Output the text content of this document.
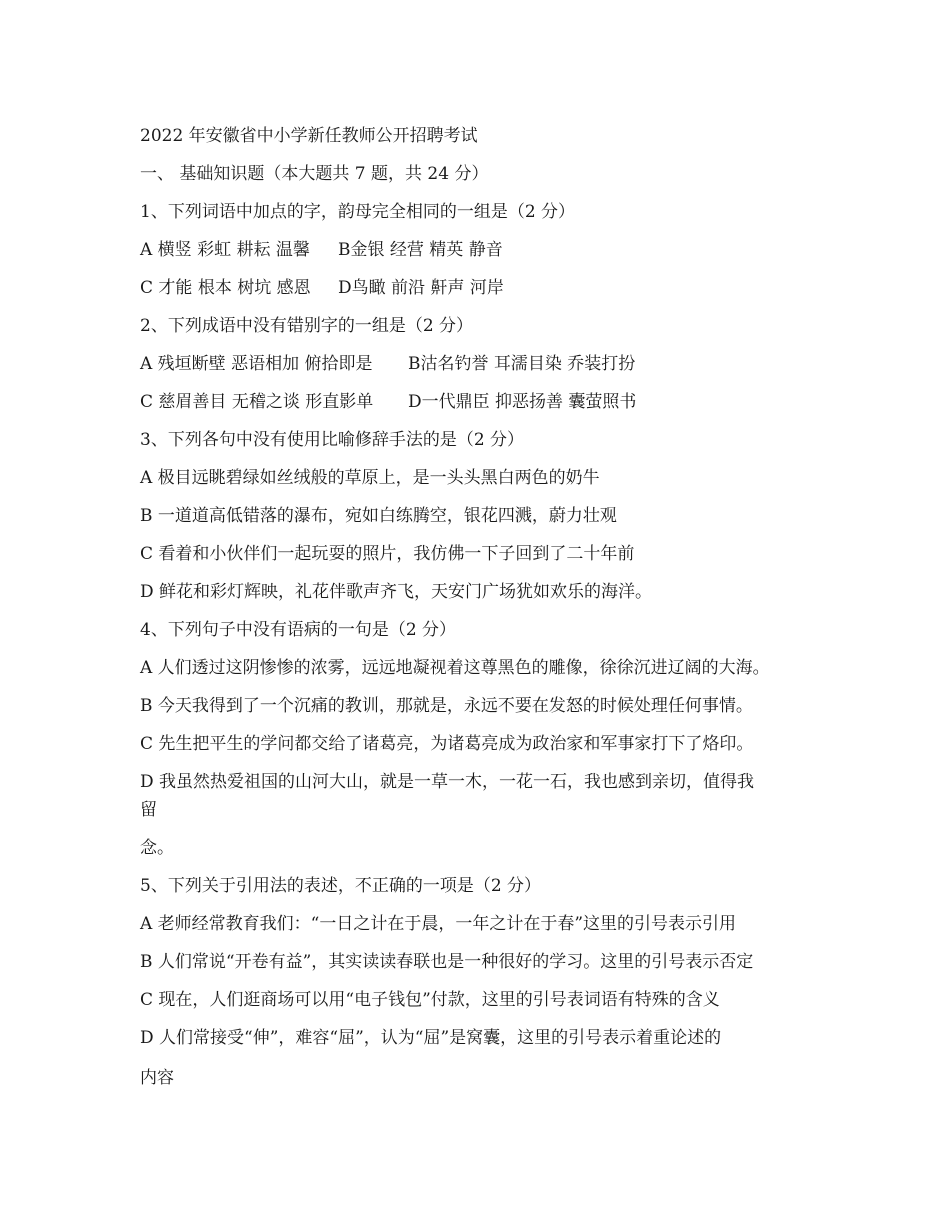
2022 年安徽省中小学新任教师公开招聘考试
一、 基础知识题（本大题共 7 题，共 24 分）
1、下列词语中加点的字，韵母完全相同的一组是（2 分）
A 横竖 彩虹 耕耘 温馨 B金银 经营 精英 静音
C 才能 根本 树坑 感恩 D鸟瞰 前沿 鼾声 河岸
2、下列成语中没有错别字的一组是（2 分）
A 残垣断壁 恶语相加 俯拾即是 B沽名钓誉 耳濡目染 乔装打扮
C 慈眉善目 无稽之谈 形直影单 D一代鼎臣 抑恶扬善 囊萤照书
3、下列各句中没有使用比喻修辞手法的是（2 分）
A 极目远眺碧绿如丝绒般的草原上，是一头头黑白两色的奶牛
B 一道道高低错落的瀑布，宛如白练腾空，银花四溅，蔚力壮观
C 看着和小伙伴们一起玩耍的照片，我仿佛一下子回到了二十年前
D 鲜花和彩灯辉映，礼花伴歌声齐飞，天安门广场犹如欢乐的海洋。
4、下列句子中没有语病的一句是（2 分）
A 人们透过这阴惨惨的浓雾，远远地凝视着这尊黑色的雕像，徐徐沉进辽阔的大海。
B 今天我得到了一个沉痛的教训，那就是，永远不要在发怒的时候处理任何事情。
C 先生把平生的学问都交给了诸葛亮，为诸葛亮成为政治家和军事家打下了烙印。
D 我虽然热爱祖国的山河大山，就是一草一木，一花一石，我也感到亲切，值得我
留
念。
5、下列关于引用法的表述，不正确的一项是（2 分）
A 老师经常教育我们：“一日之计在于晨，一年之计在于春”这里的引号表示引用
B 人们常说“开卷有益”，其实读读春联也是一种很好的学习。这里的引号表示否定
C 现在，人们逛商场可以用“电子钱包”付款，这里的引号表词语有特殊的含义
D 人们常接受“伸”，难容“屈”，认为“屈”是窝囊，这里的引号表示着重论述的
内容
